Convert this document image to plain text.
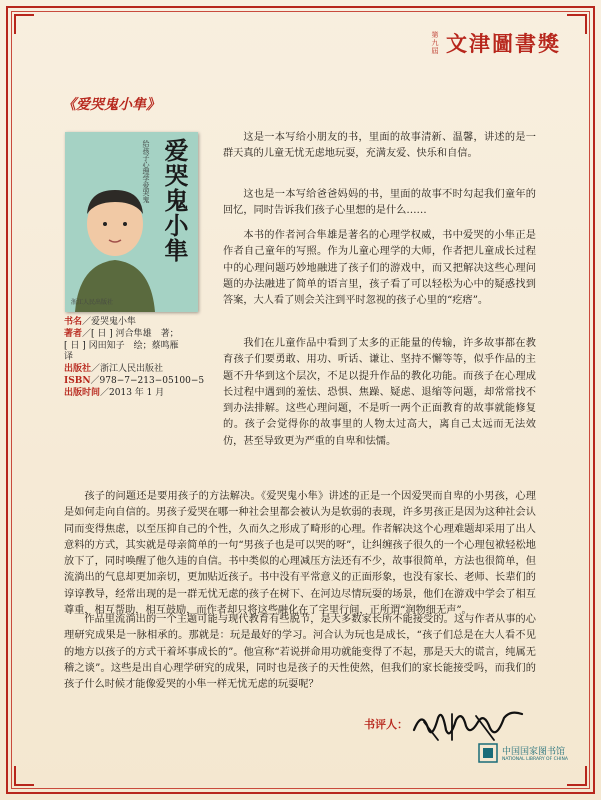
第九屆 文津圖書獎
《爱哭鬼小隼》
给孩子心理学爱哭鬼 爱哭鬼小隼
浙江人民出版社
书名／爱哭鬼小隼
著者／[ 日 ] 河合隼雄　著；
[ 日 ] 冈田知子　绘；蔡鸣雁
译
出版社／浙江人民出版社
ISBN／978−7−213−05100−5
出版时间／2013 年 1 月

这是一本写给小朋友的书，里面的故事清新、温馨，讲述的是一群天真的儿童无忧无虑地玩耍，充满友爱、快乐和自信。

这也是一本写给爸爸妈妈的书，里面的故事不时勾起我们童年的回忆，同时告诉我们孩子心里想的是什么……

本书的作者河合隼雄是著名的心理学权威，书中爱哭的小隼正是作者自己童年的写照。作为儿童心理学的大师，作者把儿童成长过程中的心理问题巧妙地融进了孩子们的游戏中，而又把解决这些心理问题的办法融进了简单的语言里，孩子看了可以轻松为心中的疑惑找到答案，大人看了则会关注到平时忽视的孩子心里的“疙瘩”。

我们在儿童作品中看到了太多的正能量的传输，许多故事都在教育孩子们要勇敢、用功、听话、谦让、坚持不懈等等，似乎作品的主题不升华到这个层次，不足以提升作品的教化功能。而孩子在心理成长过程中遇到的羞怯、恐惧、焦躁、疑虑、退缩等问题，却常常找不到办法排解。这些心理问题，不是听一两个正面教育的故事就能修复的。孩子会觉得你的故事里的人物太过高大，离自己太远而无法效仿，甚至导致更为严重的自卑和怯懦。

孩子的问题还是要用孩子的方法解决。《爱哭鬼小隼》讲述的正是一个因爱哭而自卑的小男孩，心理是如何走向自信的。男孩子爱哭在哪一种社会里都会被认为是软弱的表现，许多男孩正是因为这种社会认同而变得焦虑，以至压抑自己的个性，久而久之形成了畸形的心理。作者解决这个心理难题却采用了出人意料的方式，其实就是母亲简单的一句“男孩子也是可以哭的呀”，让纠缠孩子很久的一个心理包袱轻松地放下了，同时唤醒了他久违的自信。书中类似的心理减压方法还有不少，故事很简单，方法也很简单，但流淌出的气息却更加亲切，更加贴近孩子。书中没有平常意义的正面形象，也没有家长、老师、长辈们的谆谆教导，经常出现的是一群无忧无虑的孩子在树下、在河边尽情玩耍的场景，他们在游戏中学会了相互尊重，相互帮助，相互鼓励，而作者却只将这些融化在了字里行间，正所谓“润物细无声”。

作品里流淌出的一个主题可能与现代教育有些脱节，是大多数家长所不能接受的。这与作者从事的心理研究成果是一脉相承的。那就是：玩是最好的学习。河合认为玩也是成长，“孩子们总是在大人看不见的地方以孩子的方式干着坏事成长的”。他宣称“若说拼命用功就能变得了不起，那是天大的谎言，纯属无稽之谈”。这些是出自心理学研究的成果，同时也是孩子的天性使然，但我们的家长能接受吗，而我们的孩子什么时候才能像爱哭的小隼一样无忧无虑的玩耍呢？

书评人：
中国国家图书馆
NATIONAL LIBRARY OF CHINA
